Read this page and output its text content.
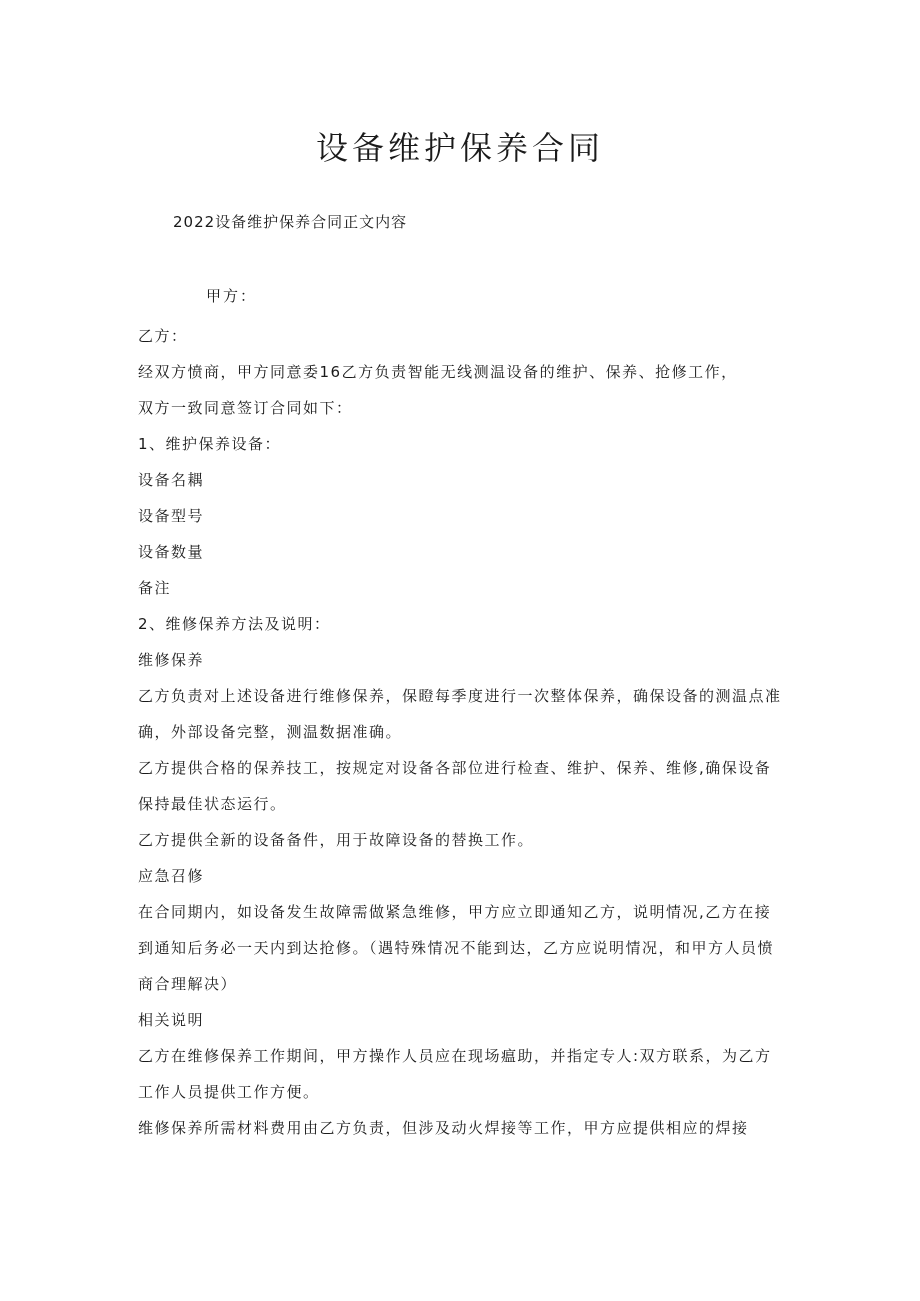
设备维护保养合同
2022设备维护保养合同正文内容
甲方：

乙方：

经双方愤商，甲方同意委16乙方负责智能无线测温设备的维护、保养、抢修工作，

双方一致同意签订合同如下：

1、维护保养设备：

设备名耦

设备型号

设备数量

备注

2、维修保养方法及说明：

维修保养

乙方负责对上述设备进行维修保养，保瞪每季度进行一次整体保养，确保设备的测温点准确，外部设备完整，测温数据准确。

乙方提供合格的保养技工，按规定对设备各部位进行检查、维护、保养、维修,确保设备保持最佳状态运行。

乙方提供全新的设备备件，用于故障设备的替换工作。

应急召修

在合同期内，如设备发生故障需做紧急维修，甲方应立即通知乙方，说明情况,乙方在接到通知后务必一天内到达抢修。（遇特殊情况不能到达，乙方应说明情况，和甲方人员愤商合理解决）

相关说明

乙方在维修保养工作期间，甲方操作人员应在现场瘟助，并指定专人:双方联系，为乙方工作人员提供工作方便。

维修保养所需材料费用由乙方负责，但涉及动火焊接等工作，甲方应提供相应的焊接
